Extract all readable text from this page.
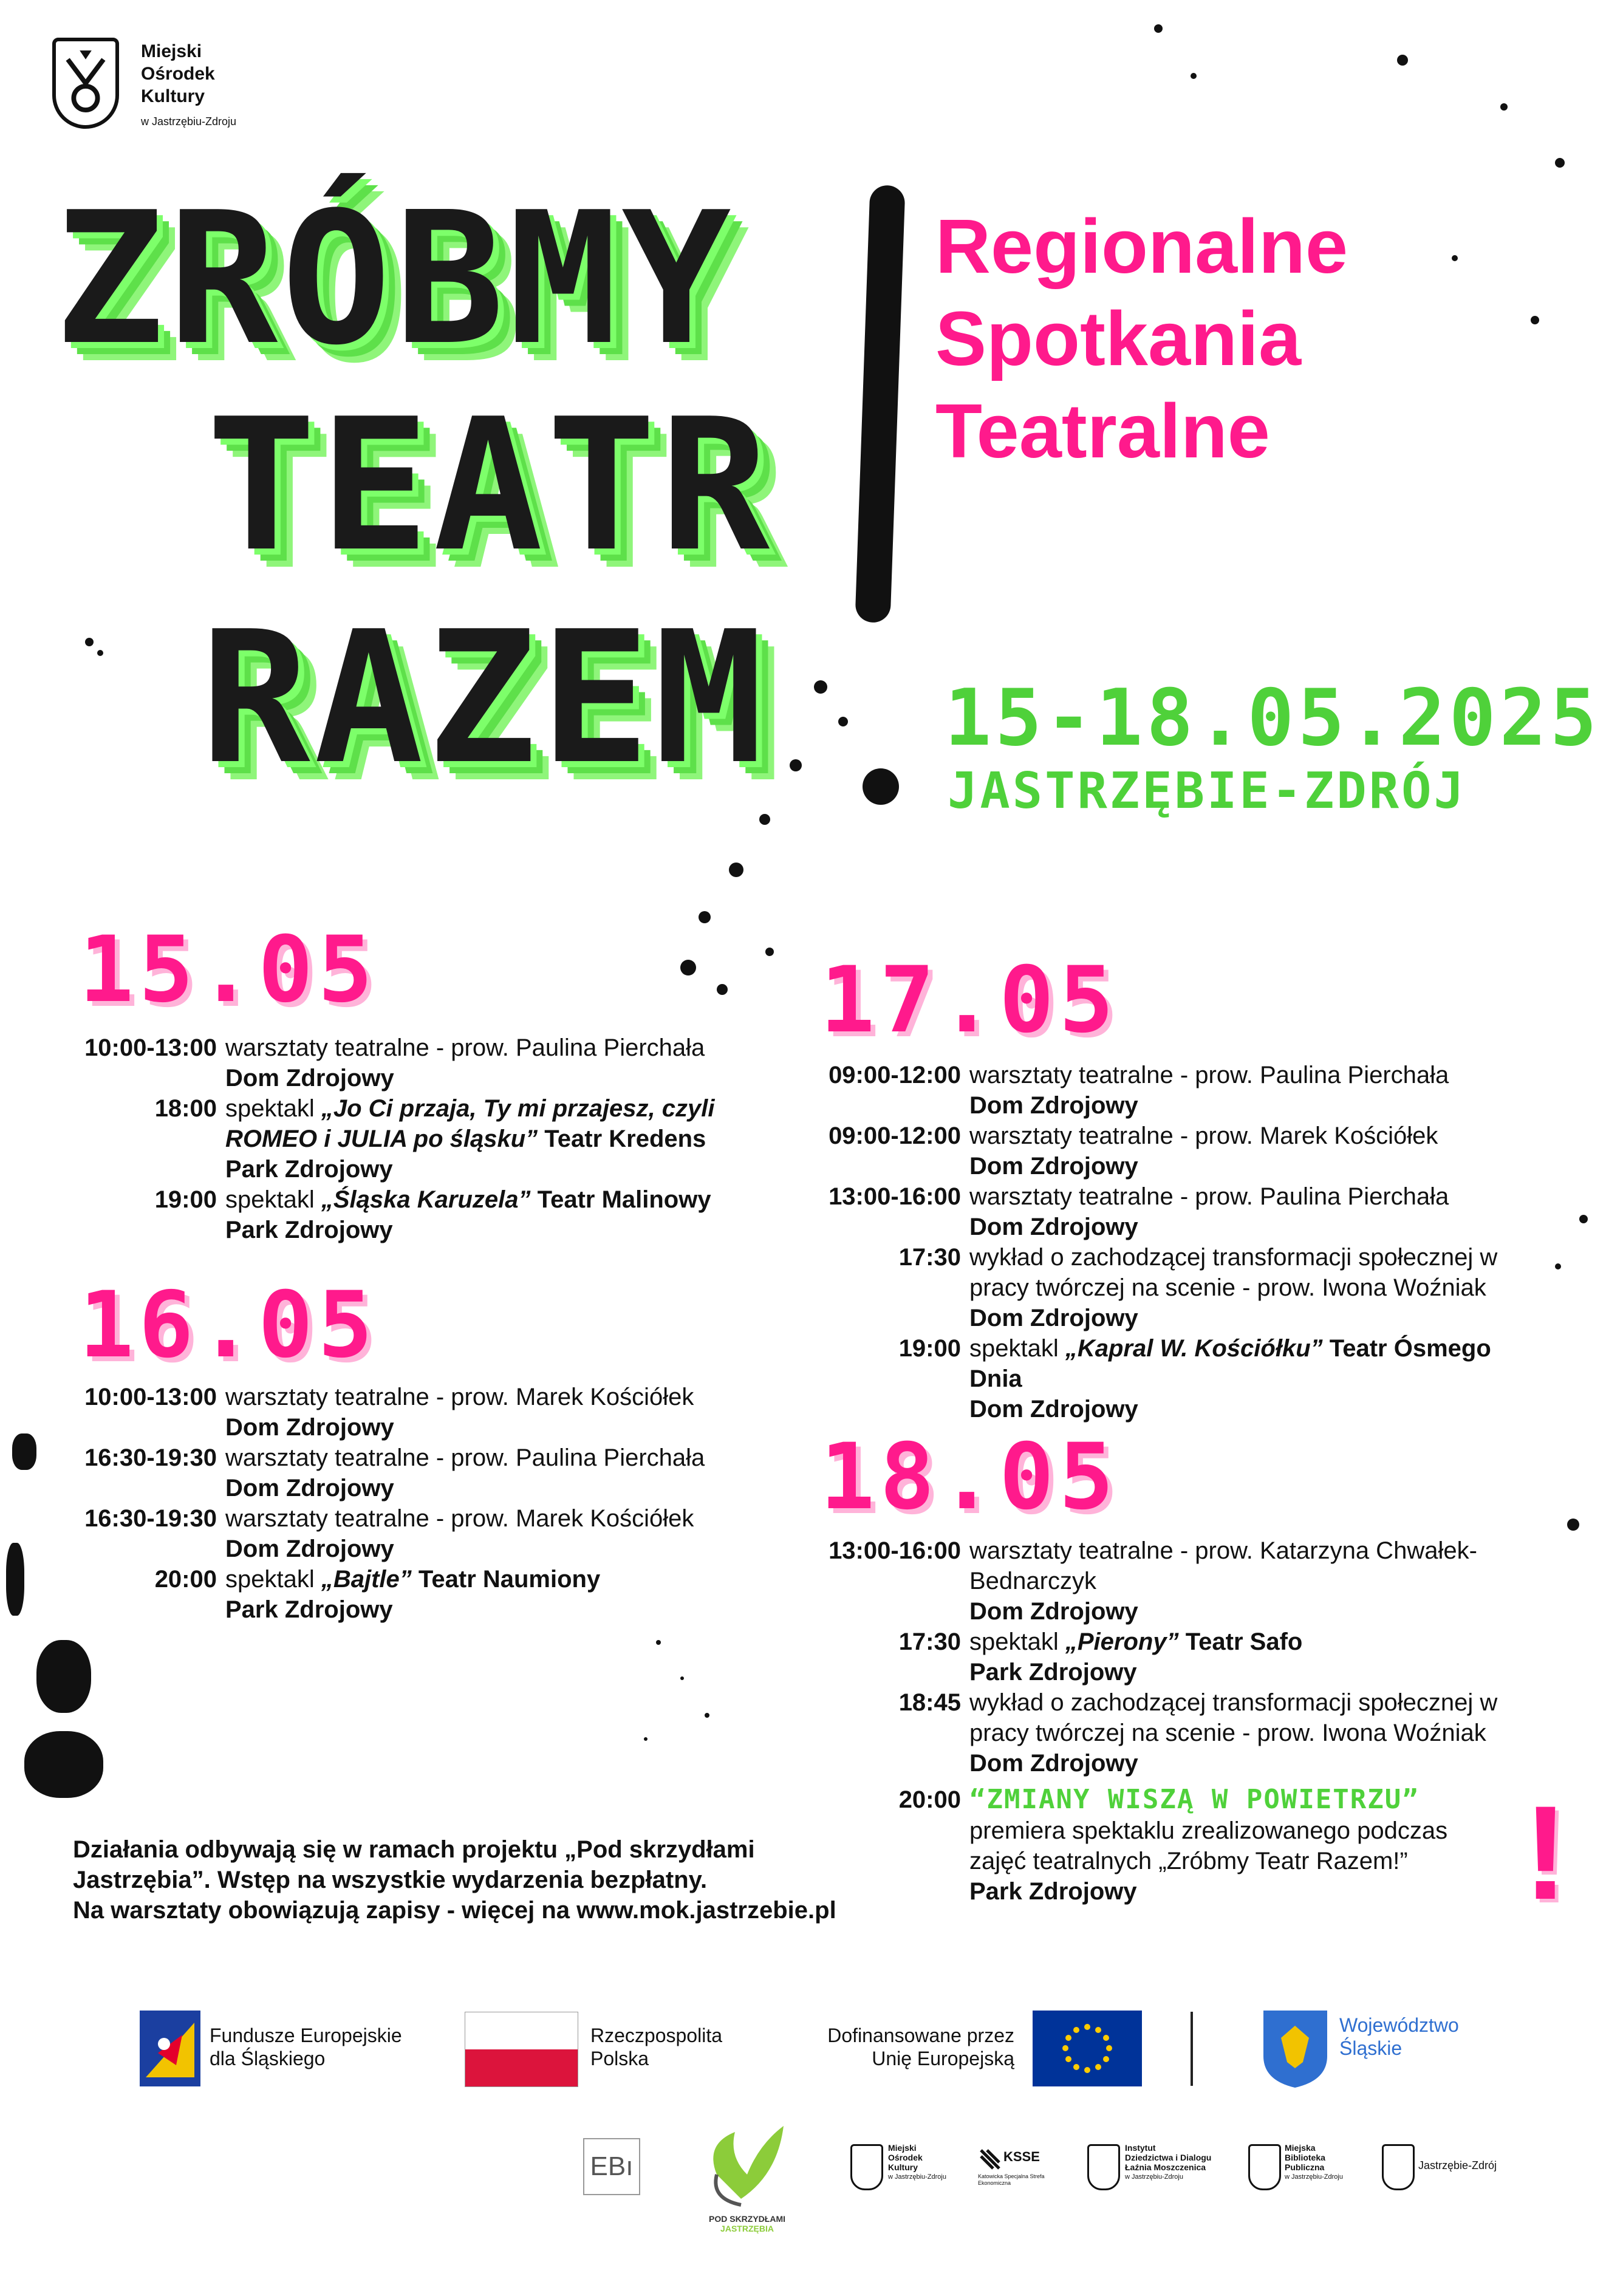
Miejski
Ośrodek
Kultury
w Jastrzębiu-Zdroju
ZRÓBMY
TEATR
RAZEM
Regionalne
Spotkania
Teatralne
15-18.05.2025
JASTRZĘBIE-ZDRÓJ
15.05
10:00-13:00 warsztaty teatralne - prow. Paulina Pierchała
Dom Zdrojowy
18:00 spektakl „Jo Ci przaja, Ty mi przajesz, czyli ROMEO i JULIA po śląsku” Teatr Kredens
Park Zdrojowy
19:00 spektakl „Śląska Karuzela” Teatr Malinowy
Park Zdrojowy
16.05
10:00-13:00 warsztaty teatralne - prow. Marek Kościółek
Dom Zdrojowy
16:30-19:30 warsztaty teatralne - prow. Paulina Pierchała
Dom Zdrojowy
16:30-19:30 warsztaty teatralne - prow. Marek Kościółek
Dom Zdrojowy
20:00 spektakl „Bajtle” Teatr Naumiony
Park Zdrojowy
17.05
09:00-12:00 warsztaty teatralne - prow. Paulina Pierchała
Dom Zdrojowy
09:00-12:00 warsztaty teatralne - prow. Marek Kościółek
Dom Zdrojowy
13:00-16:00 warsztaty teatralne - prow. Paulina Pierchała
Dom Zdrojowy
17:30 wykład o zachodzącej transformacji społecznej w pracy twórczej na scenie - prow. Iwona Woźniak
Dom Zdrojowy
19:00 spektakl „Kapral W. Kościółku” Teatr Ósmego Dnia
Dom Zdrojowy
18.05
13:00-16:00 warsztaty teatralne - prow. Katarzyna Chwałek-Bednarczyk
Dom Zdrojowy
17:30 spektakl „Pierony” Teatr Safo
Park Zdrojowy
18:45 wykład o zachodzącej transformacji społecznej w pracy twórczej na scenie - prow. Iwona Woźniak
Dom Zdrojowy
20:00 “ZMIANY WISZĄ W POWIETRZU”
premiera spektaklu zrealizowanego podczas zajęć teatralnych „Zróbmy Teatr Razem!”
Park Zdrojowy	!
Działania odbywają się w ramach projektu „Pod skrzydłami
Jastrzębia”. Wstęp na wszystkie wydarzenia bezpłatny.
Na warsztaty obowiązują zapisy - więcej na www.mok.jastrzebie.pl
Fundusze Europejskie
dla Śląskiego
Rzeczpospolita
Polska
Dofinansowane przez
Unię Europejską
Województwo
Śląskie
EBı
POD SKRZYDŁAMI
JASTRZĘBIA
Miejski
Ośrodek
Kultury
w Jastrzębiu-Zdroju
KSSE
Katowicka Specjalna Strefa Ekonomiczna
Instytut
Dziedzictwa i Dialogu
Łaźnia Moszczenica
w Jastrzębiu-Zdroju
Miejska
Biblioteka
Publiczna
w Jastrzębiu-Zdroju
Jastrzębie-Zdrój
